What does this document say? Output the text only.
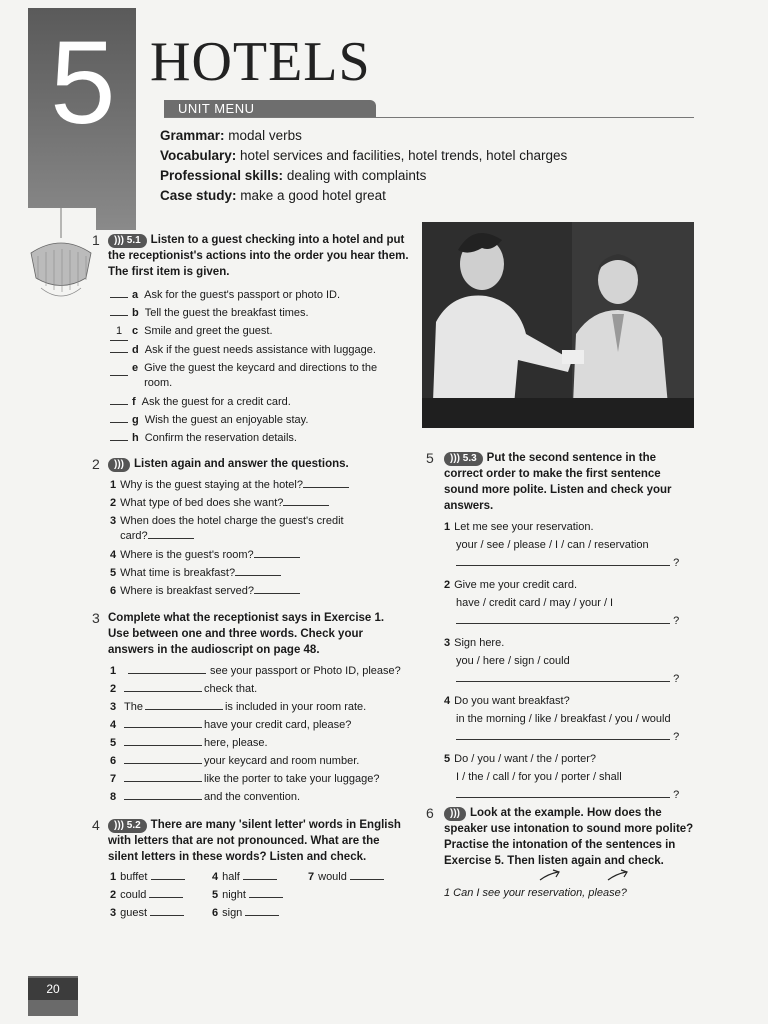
5 HOTELS
UNIT MENU
Grammar: modal verbs
Vocabulary: hotel services and facilities, hotel trends, hotel charges
Professional skills: dealing with complaints
Case study: make a good hotel great
1 ))) 5.1 Listen to a guest checking into a hotel and put the receptionist's actions into the order you hear them. The first item is given.
a Ask for the guest's passport or photo ID.
b Tell the guest the breakfast times.
1 c Smile and greet the guest.
d Ask if the guest needs assistance with luggage.
e Give the guest the keycard and directions to the room.
f Ask the guest for a credit card.
g Wish the guest an enjoyable stay.
h Confirm the reservation details.
2 ))) Listen again and answer the questions.
1 Why is the guest staying at the hotel?
2 What type of bed does she want?
3 When does the hotel charge the guest's credit card?
4 Where is the guest's room?
5 What time is breakfast?
6 Where is breakfast served?
3 Complete what the receptionist says in Exercise 1. Use between one and three words. Check your answers in the audioscript on page 48.
1	see your passport or Photo ID, please?
2	check that.
3 The	is included in your room rate.
4	have your credit card, please?
5	here, please.
6	your keycard and room number.
7	like the porter to take your luggage?
8	and the convention.
4 ))) 5.2 There are many 'silent letter' words in English with letters that are not pronounced. What are the silent letters in these words? Listen and check.
1 buffet
2 could
3 guest
4 half
5 night
6 sign
7 would
5 ))) 5.3 Put the second sentence in the correct order to make the first sentence sound more polite. Listen and check your answers.
1 Let me see your reservation.
your / see / please / I / can / reservation
?
2 Give me your credit card.
have / credit card / may / your / I
?
3 Sign here.
you / here / sign / could
?
4 Do you want breakfast?
in the morning / like / breakfast / you / would
?
5 Do / you / want / the / porter?
I / the / call / for you / porter / shall
?
6 ))) Look at the example. How does the speaker use intonation to sound more polite? Practise the intonation of the sentences in Exercise 5. Then listen again and check.
1 Can I see your reservation, please?
20
